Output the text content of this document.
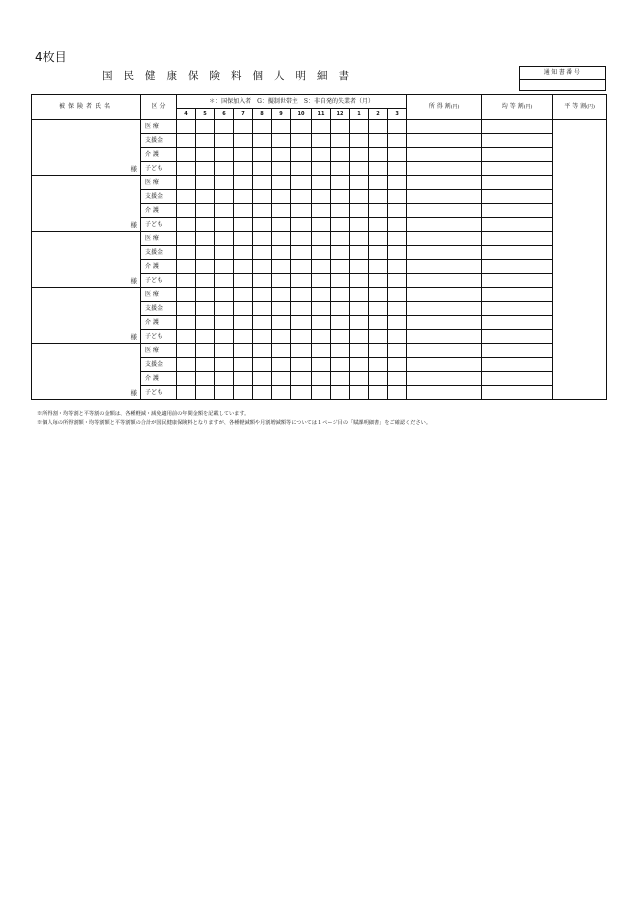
4枚目
国民健康保険料個人明細書	通知書番号
被保険者氏名	区 分	＊：国保加入者　G：擬制世帯主　S：非自発的失業者（月）												所 得 割(円)	均 等 割(円)	平 等 割(円)
		4	5	6	7	8	9	10	11	12	1	2	3			
様	医 療															
	支援金															
	介 護															
	子ども															
様	医 療															
	支援金															
	介 護															
	子ども															
様	医 療															
	支援金															
	介 護															
	子ども															
様	医 療															
	支援金															
	介 護															
	子ども															
様	医 療															
	支援金															
	介 護															
	子ども															
※所得割・均等割と平等割の金額は、各種軽減・減免適用前の年間金額を記載しています。
※個人毎の所得割額・均等割額と平等割額の合計が国民健康保険料となりますが、各種軽減額や月割増減額等については１ページ目の「賦課明細書」をご確認ください。
